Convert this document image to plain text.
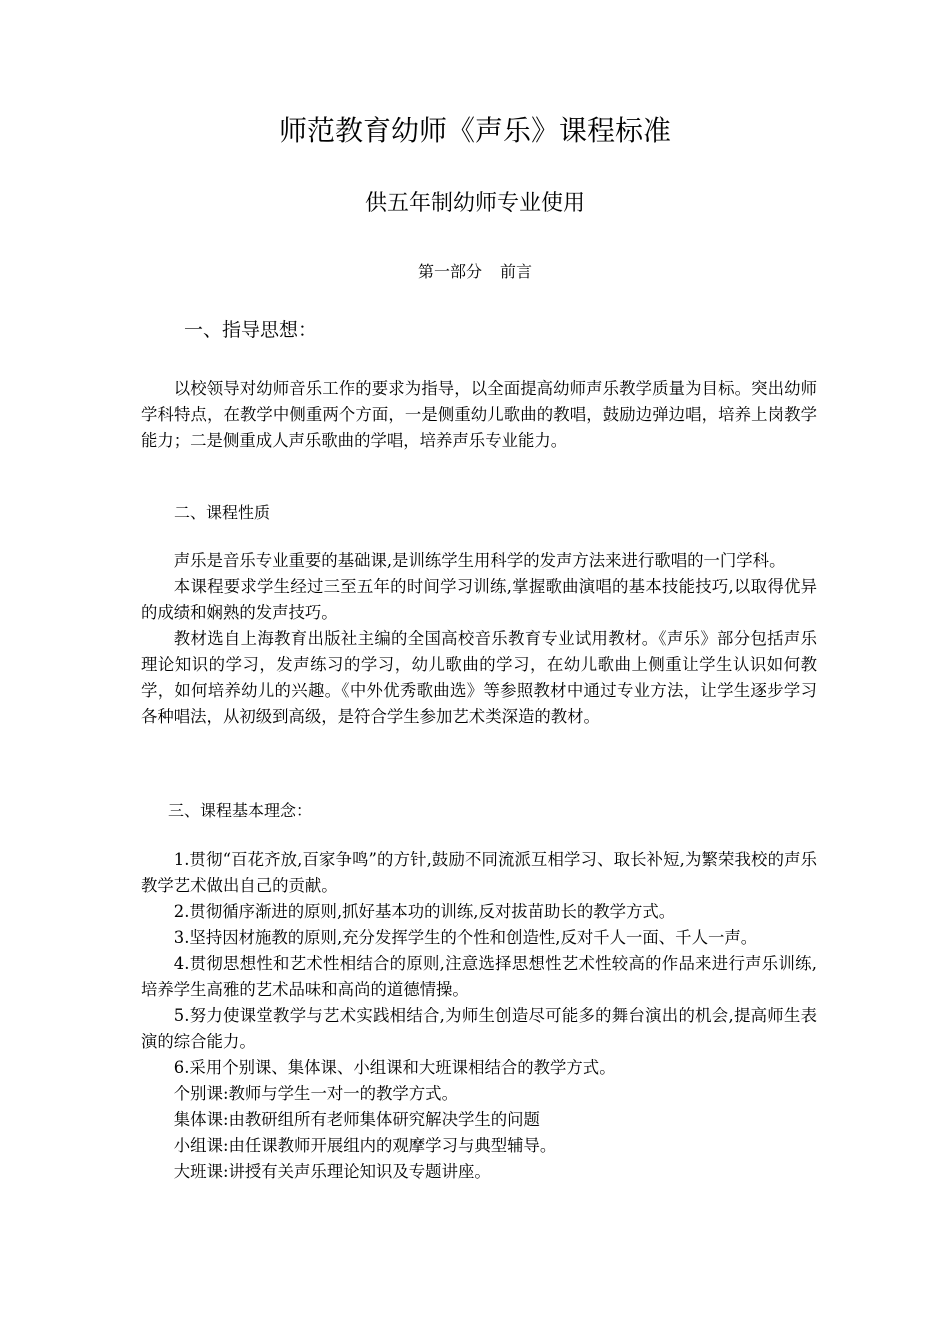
师范教育幼师《声乐》课程标准
供五年制幼师专业使用
第一部分 前言
一、指导思想：

以校领导对幼师音乐工作的要求为指导，以全面提高幼师声乐教学质量为目标。突出幼师学科特点，在教学中侧重两个方面，一是侧重幼儿歌曲的教唱，鼓励边弹边唱，培养上岗教学能力；二是侧重成人声乐歌曲的学唱，培养声乐专业能力。

二、课程性质

声乐是音乐专业重要的基础课,是训练学生用科学的发声方法来进行歌唱的一门学科。

本课程要求学生经过三至五年的时间学习训练,掌握歌曲演唱的基本技能技巧,以取得优异的成绩和娴熟的发声技巧。

教材选自上海教育出版社主编的全国高校音乐教育专业试用教材。《声乐》部分包括声乐理论知识的学习，发声练习的学习，幼儿歌曲的学习，在幼儿歌曲上侧重让学生认识如何教学，如何培养幼儿的兴趣。《中外优秀歌曲选》等参照教材中通过专业方法，让学生逐步学习各种唱法，从初级到高级，是符合学生参加艺术类深造的教材。

三、课程基本理念：

1.贯彻“百花齐放,百家争鸣”的方针,鼓励不同流派互相学习、取长补短,为繁荣我校的声乐教学艺术做出自己的贡献。

2.贯彻循序渐进的原则,抓好基本功的训练,反对拔苗助长的教学方式。

3.坚持因材施教的原则,充分发挥学生的个性和创造性,反对千人一面、千人一声。

4.贯彻思想性和艺术性相结合的原则,注意选择思想性艺术性较高的作品来进行声乐训练,培养学生高雅的艺术品味和高尚的道德情操。

5.努力使课堂教学与艺术实践相结合,为师生创造尽可能多的舞台演出的机会,提高师生表演的综合能力。

6.采用个别课、集体课、小组课和大班课相结合的教学方式。

个别课:教师与学生一对一的教学方式。

集体课:由教研组所有老师集体研究解决学生的问题

小组课:由任课教师开展组内的观摩学习与典型辅导。

大班课:讲授有关声乐理论知识及专题讲座。
